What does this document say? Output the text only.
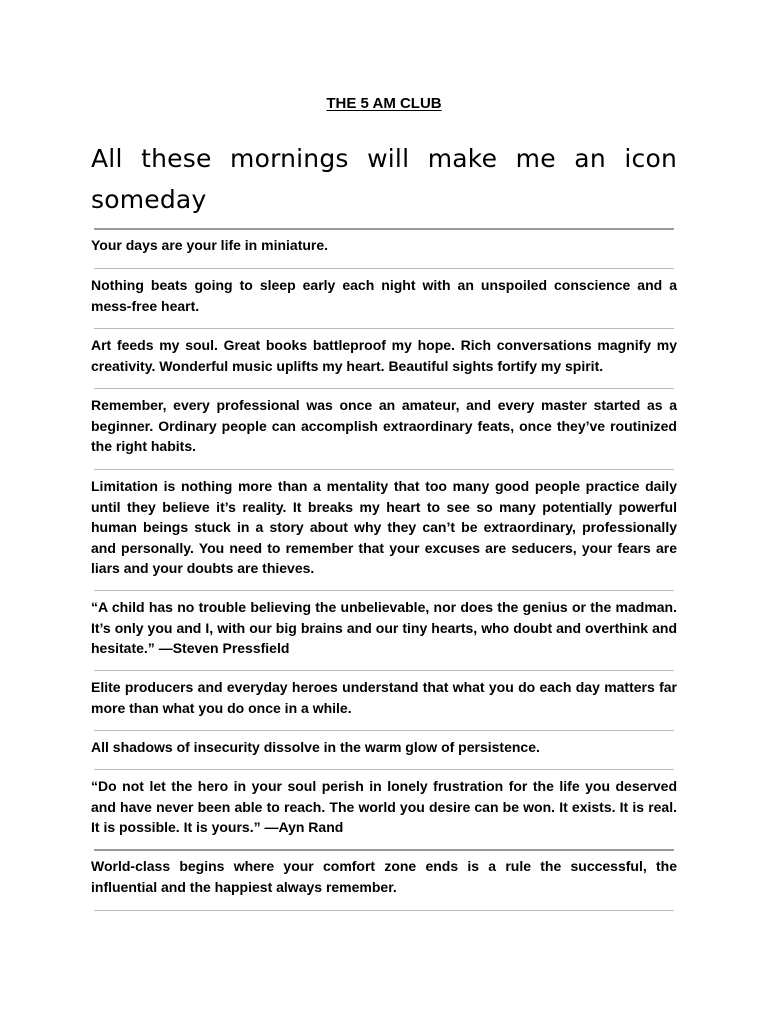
THE 5 AM CLUB
All these mornings will make me an icon someday
Your days are your life in miniature.
Nothing beats going to sleep early each night with an unspoiled conscience and a mess-free heart.
Art feeds my soul. Great books battleproof my hope. Rich conversations magnify my creativity. Wonderful music uplifts my heart. Beautiful sights fortify my spirit.
Remember, every professional was once an amateur, and every master started as a beginner. Ordinary people can accomplish extraordinary feats, once they’ve routinized the right habits.
Limitation is nothing more than a mentality that too many good people practice daily until they believe it’s reality. It breaks my heart to see so many potentially powerful human beings stuck in a story about why they can’t be extraordinary, professionally and personally. You need to remember that your excuses are seducers, your fears are liars and your doubts are thieves.
“A child has no trouble believing the unbelievable, nor does the genius or the madman. It’s only you and I, with our big brains and our tiny hearts, who doubt and overthink and hesitate.” —Steven Pressfield
Elite producers and everyday heroes understand that what you do each day matters far more than what you do once in a while.
All shadows of insecurity dissolve in the warm glow of persistence.
“Do not let the hero in your soul perish in lonely frustration for the life you deserved and have never been able to reach. The world you desire can be won. It exists. It is real. It is possible. It is yours.” —Ayn Rand
World-class begins where your comfort zone ends is a rule the successful, the influential and the happiest always remember.
